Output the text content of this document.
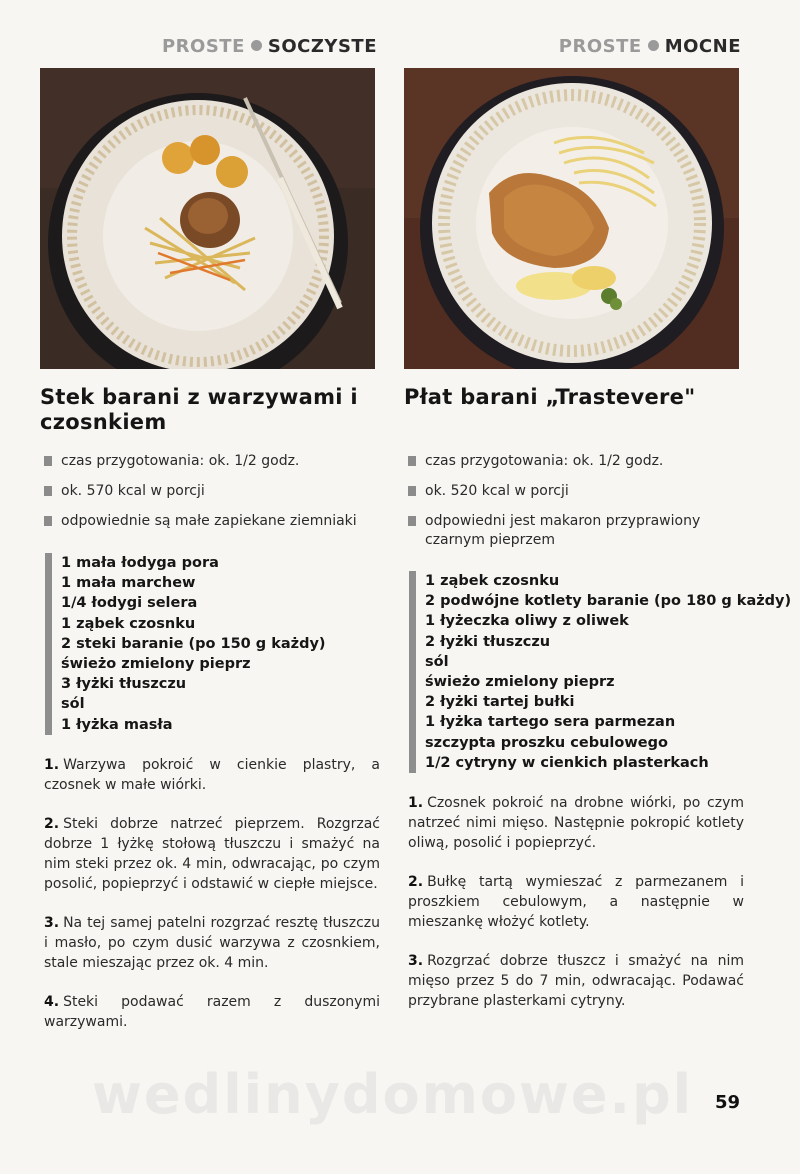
PROSTE SOCZYSTE
Stek barani z warzywami i czosnkiem
czas przygotowania: ok. 1/2 godz.
ok. 570 kcal w porcji
odpowiednie są małe zapiekane ziemniaki
1 mała łodyga pora
1 mała marchew
1/4 łodygi selera
1 ząbek czosnku
2 steki baranie (po 150 g każdy)
świeżo zmielony pieprz
3 łyżki tłuszczu
sól
1 łyżka masła

1. Warzywa pokroić w cienkie plastry, a czosnek w małe wiórki.

2. Steki dobrze natrzeć pieprzem. Rozgrzać dobrze 1 łyżkę stołową tłuszczu i smażyć na nim steki przez ok. 4 min, odwracając, po czym posolić, popieprzyć i odstawić w ciepłe miejsce.

3. Na tej samej patelni rozgrzać resztę tłuszczu i masło, po czym dusić warzywa z czosnkiem, stale mieszając przez ok. 4 min.

4. Steki podawać razem z duszonymi warzywami.

PROSTE MOCNE
Płat barani „Trastevere"
czas przygotowania: ok. 1/2 godz.
ok. 520 kcal w porcji
odpowiedni jest makaron przyprawiony czarnym pieprzem
1 ząbek czosnku
2 podwójne kotlety baranie (po 180 g każdy)
1 łyżeczka oliwy z oliwek
2 łyżki tłuszczu
sól
świeżo zmielony pieprz
2 łyżki tartej bułki
1 łyżka tartego sera parmezan
szczypta proszku cebulowego
1/2 cytryny w cienkich plasterkach

1. Czosnek pokroić na drobne wiórki, po czym natrzeć nimi mięso. Następnie pokropić kotlety oliwą, posolić i popieprzyć.

2. Bułkę tartą wymieszać z parmezanem i proszkiem cebulowym, a następnie w mieszankę włożyć kotlety.

3. Rozgrzać dobrze tłuszcz i smażyć na nim mięso przez 5 do 7 min, odwracając. Podawać przybrane plasterkami cytryny.

wedlinydomowe.pl 59
